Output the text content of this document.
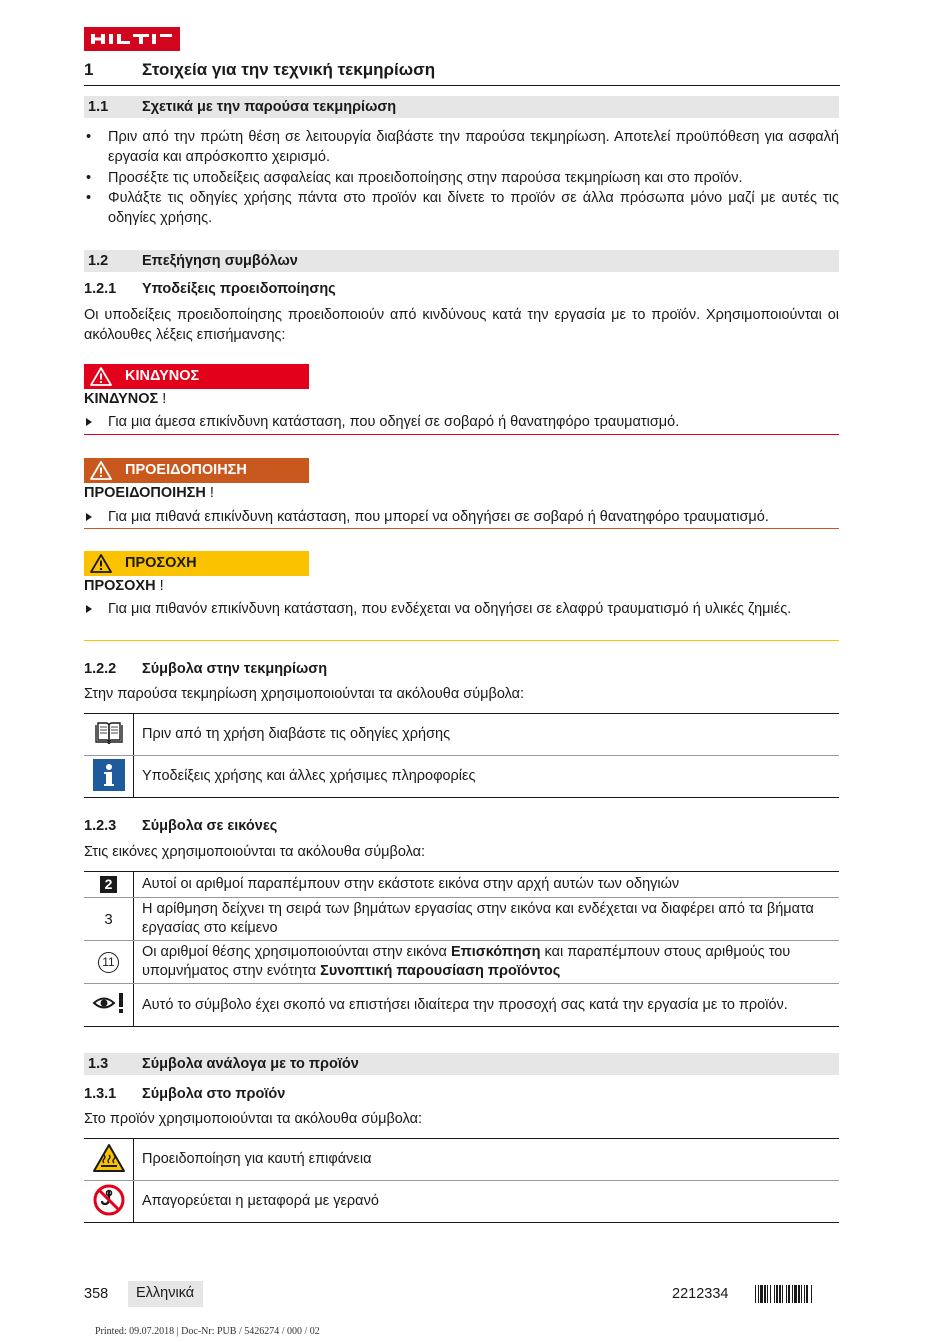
1	Στοιχεία για την τεχνική τεκμηρίωση
1.1 Σχετικά με την παρούσα τεκμηρίωση
• Πριν από την πρώτη θέση σε λειτουργία διαβάστε την παρούσα τεκμηρίωση. Αποτελεί προϋπόθεση για ασφαλή εργασία και απρόσκοπτο χειρισμό.
• Προσέξτε τις υποδείξεις ασφαλείας και προειδοποίησης στην παρούσα τεκμηρίωση και στο προϊόν.
• Φυλάξτε τις οδηγίες χρήσης πάντα στο προϊόν και δίνετε το προϊόν σε άλλα πρόσωπα μόνο μαζί με αυτές τις οδηγίες χρήσης.
1.2 Επεξήγηση συμβόλων
1.2.1 Υποδείξεις προειδοποίησης
Οι υποδείξεις προειδοποίησης προειδοποιούν από κινδύνους κατά την εργασία με το προϊόν. Χρησιμοποιούνται οι ακόλουθες λέξεις επισήμανσης:
ΚΙΝΔΥΝΟΣ
ΚΙΝΔΥΝΟΣ !
Για μια άμεσα επικίνδυνη κατάσταση, που οδηγεί σε σοβαρό ή θανατηφόρο τραυματισμό.
ΠΡΟΕΙΔΟΠΟΙΗΣΗ
ΠΡΟΕΙΔΟΠΟΙΗΣΗ !
Για μια πιθανά επικίνδυνη κατάσταση, που μπορεί να οδηγήσει σε σοβαρό ή θανατηφόρο τραυματισμό.
ΠΡΟΣΟΧΗ
ΠΡΟΣΟΧΗ !
Για μια πιθανόν επικίνδυνη κατάσταση, που ενδέχεται να οδηγήσει σε ελαφρύ τραυματισμό ή υλικές ζημιές.
1.2.2 Σύμβολα στην τεκμηρίωση
Στην παρούσα τεκμηρίωση χρησιμοποιούνται τα ακόλουθα σύμβολα:
	Πριν από τη χρήση διαβάστε τις οδηγίες χρήσης
	Υποδείξεις χρήσης και άλλες χρήσιμες πληροφορίες
1.2.3 Σύμβολα σε εικόνες
Στις εικόνες χρησιμοποιούνται τα ακόλουθα σύμβολα:
2	Αυτοί οι αριθμοί παραπέμπουν στην εκάστοτε εικόνα στην αρχή αυτών των οδηγιών
3	Η αρίθμηση δείχνει τη σειρά των βημάτων εργασίας στην εικόνα και ενδέχεται να διαφέρει από τα βήματα εργασίας στο κείμενο
11	Οι αριθμοί θέσης χρησιμοποιούνται στην εικόνα Επισκόπηση και παραπέμπουν στους αριθμούς του υπομνήματος στην ενότητα Συνοπτική παρουσίαση προϊόντος
	Αυτό το σύμβολο έχει σκοπό να επιστήσει ιδιαίτερα την προσοχή σας κατά την εργασία με το προϊόν.
1.3 Σύμβολα ανάλογα με το προϊόν
1.3.1 Σύμβολα στο προϊόν
Στο προϊόν χρησιμοποιούνται τα ακόλουθα σύμβολα:
	Προειδοποίηση για καυτή επιφάνεια
	Απαγορεύεται η μεταφορά με γερανό
358 Ελληνικά	2212334
Printed: 09.07.2018 | Doc-Nr: PUB / 5426274 / 000 / 02
